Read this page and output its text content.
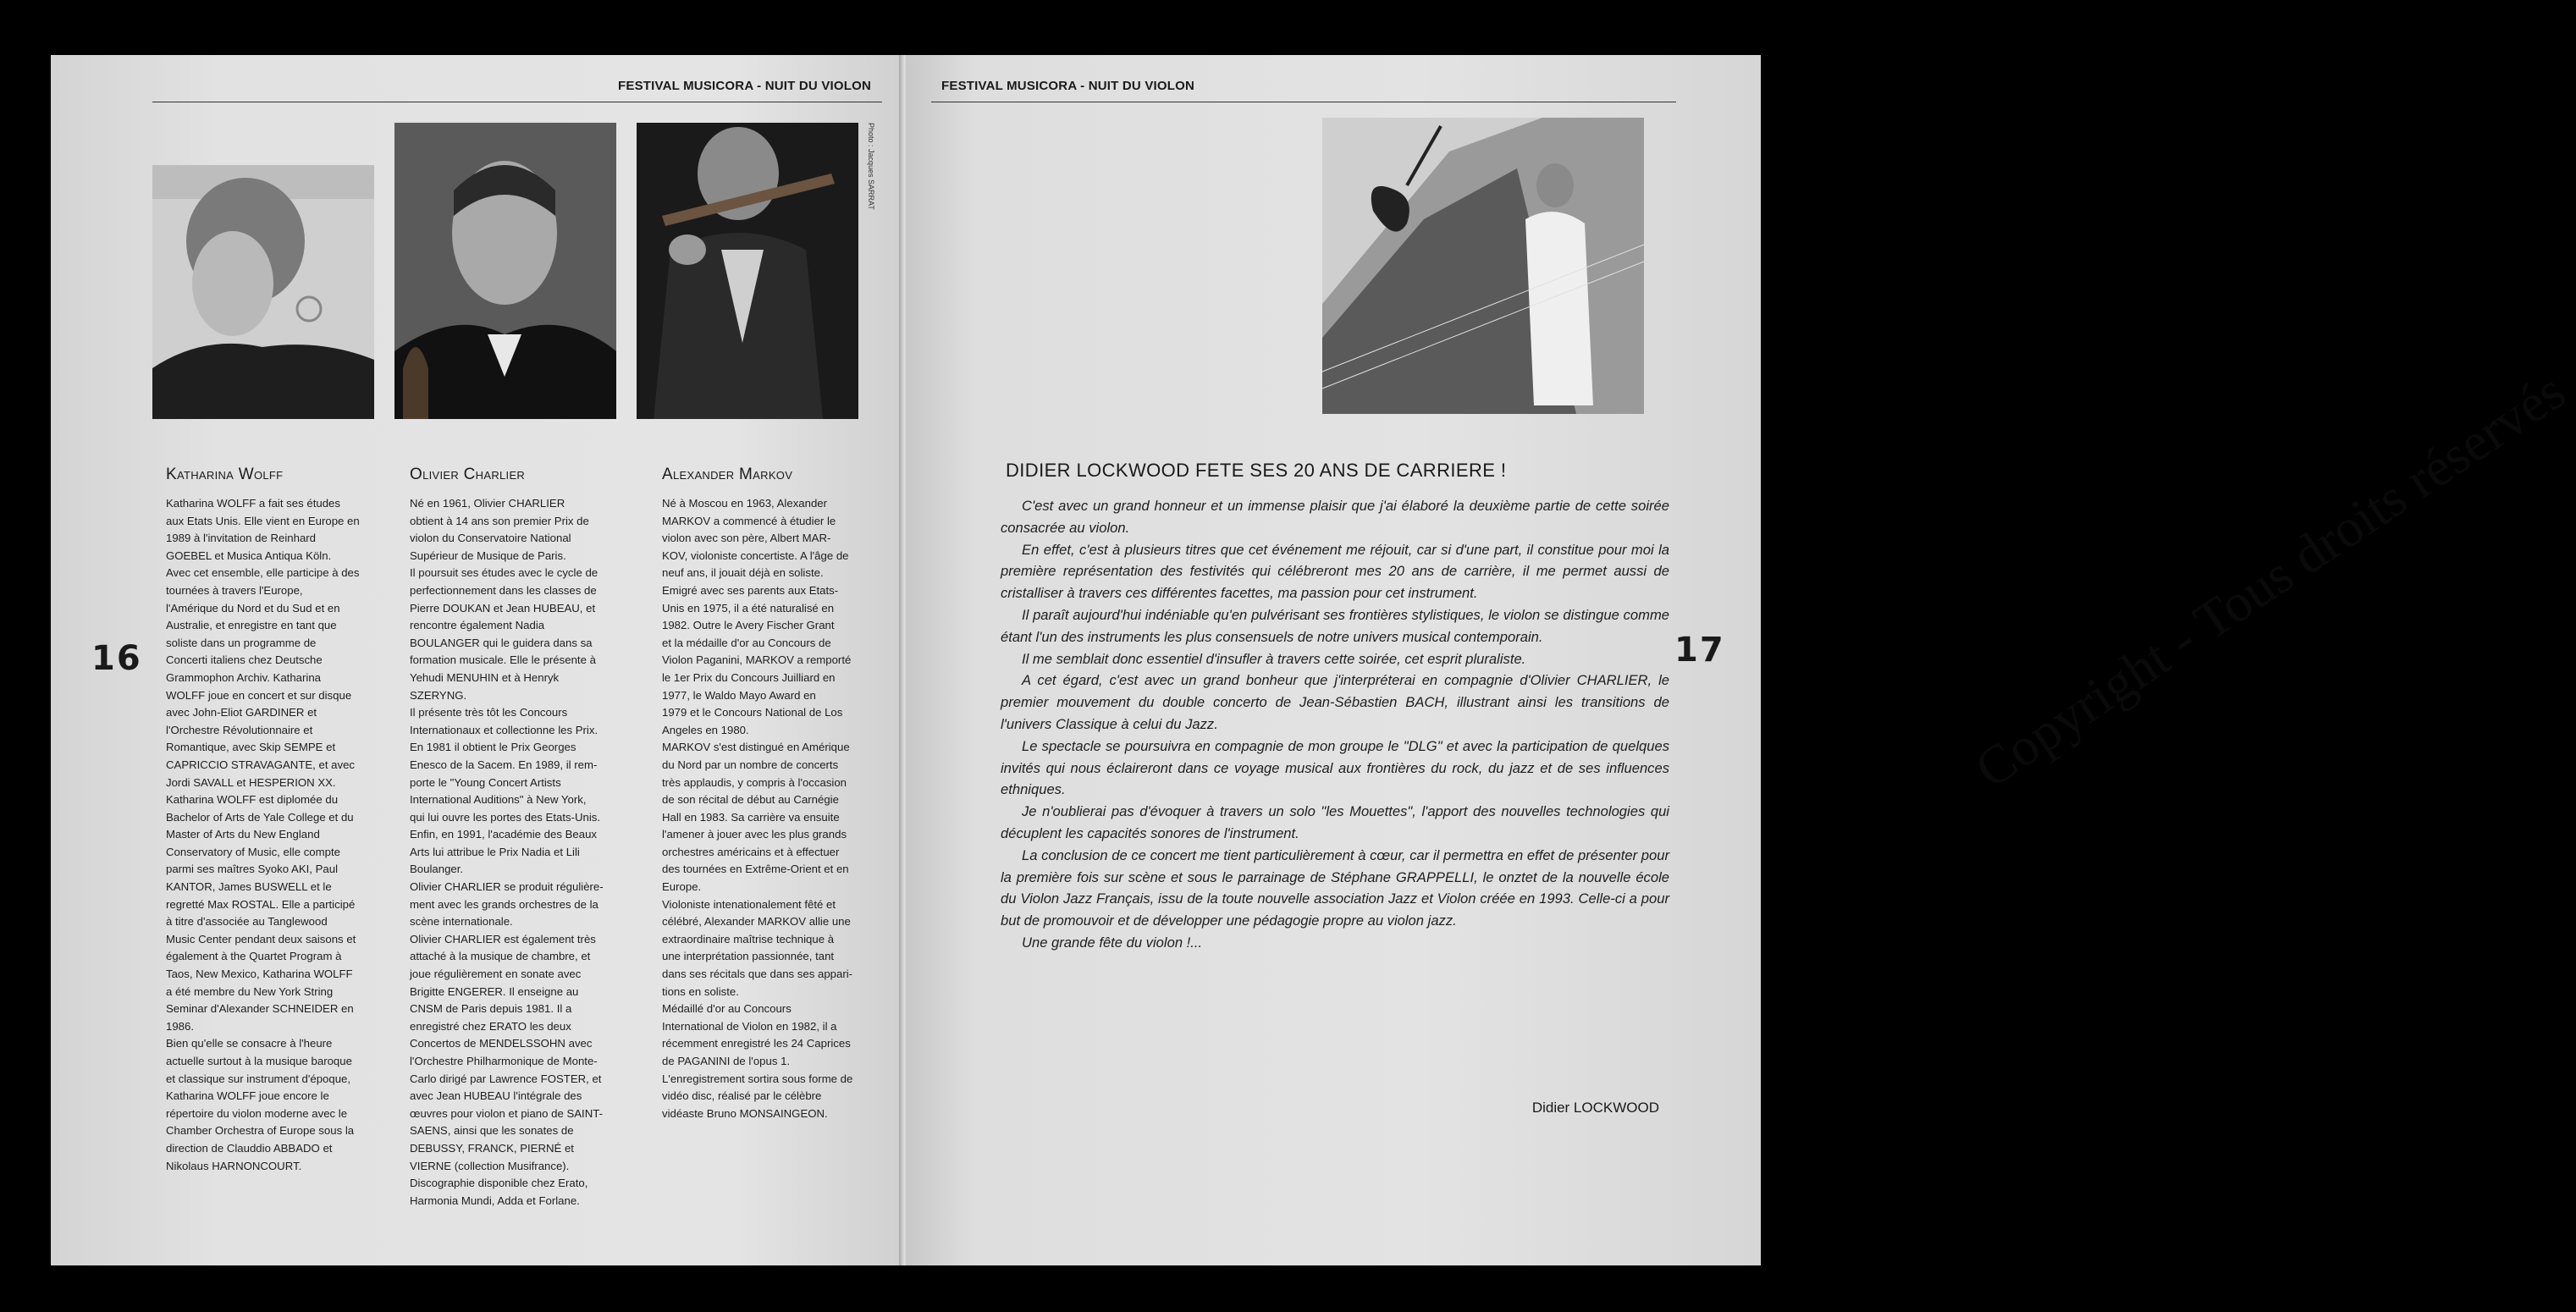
FESTIVAL MUSICORA - NUIT DU VIOLON
Photo : Jacques SARRAT
16
Katharina Wolff

Katharina WOLFF a fait ses études
aux Etats Unis. Elle vient en Europe en
1989 à l'invitation de Reinhard
GOEBEL et Musica Antiqua Köln.
Avec cet ensemble, elle participe à des
tournées à travers l'Europe,
l'Amérique du Nord et du Sud et en
Australie, et enregistre en tant que
soliste dans un programme de
Concerti italiens chez Deutsche
Grammophon Archiv. Katharina
WOLFF joue en concert et sur disque
avec John-Eliot GARDINER et
l'Orchestre Révolutionnaire et
Romantique, avec Skip SEMPE et
CAPRICCIO STRAVAGANTE, et avec
Jordi SAVALL et HESPERION XX.
Katharina WOLFF est diplomée du
Bachelor of Arts de Yale College et du
Master of Arts du New England
Conservatory of Music, elle compte
parmi ses maîtres Syoko AKI, Paul
KANTOR, James BUSWELL et le
regretté Max ROSTAL. Elle a participé
à titre d'associée au Tanglewood
Music Center pendant deux saisons et
également à the Quartet Program à
Taos, New Mexico, Katharina WOLFF
a été membre du New York String
Seminar d'Alexander SCHNEIDER en
1986.
Bien qu'elle se consacre à l'heure
actuelle surtout à la musique baroque
et classique sur instrument d'époque,
Katharina WOLFF joue encore le
répertoire du violon moderne avec le
Chamber Orchestra of Europe sous la
direction de Clauddio ABBADO et
Nikolaus HARNONCOURT.

Olivier Charlier

Né en 1961, Olivier CHARLIER
obtient à 14 ans son premier Prix de
violon du Conservatoire National
Supérieur de Musique de Paris.
Il poursuit ses études avec le cycle de
perfectionnement dans les classes de
Pierre DOUKAN et Jean HUBEAU, et
rencontre également Nadia
BOULANGER qui le guidera dans sa
formation musicale. Elle le présente à
Yehudi MENUHIN et à Henryk
SZERYNG.
Il présente très tôt les Concours
Internationaux et collectionne les Prix.
En 1981 il obtient le Prix Georges
Enesco de la Sacem. En 1989, il rem-
porte le "Young Concert Artists
International Auditions" à New York,
qui lui ouvre les portes des Etats-Unis.
Enfin, en 1991, l'académie des Beaux
Arts lui attribue le Prix Nadia et Lili
Boulanger.
Olivier CHARLIER se produit régulière-
ment avec les grands orchestres de la
scène internationale.
Olivier CHARLIER est également très
attaché à la musique de chambre, et
joue régulièrement en sonate avec
Brigitte ENGERER. Il enseigne au
CNSM de Paris depuis 1981. Il a
enregistré chez ERATO les deux
Concertos de MENDELSSOHN avec
l'Orchestre Philharmonique de Monte-
Carlo dirigé par Lawrence FOSTER, et
avec Jean HUBEAU l'intégrale des
œuvres pour violon et piano de SAINT-
SAENS, ainsi que les sonates de
DEBUSSY, FRANCK, PIERNÉ et
VIERNE (collection Musifrance).
Discographie disponible chez Erato,
Harmonia Mundi, Adda et Forlane.

Alexander Markov

Né à Moscou en 1963, Alexander
MARKOV a commencé à étudier le
violon avec son père, Albert MAR-
KOV, violoniste concertiste. A l'âge de
neuf ans, il jouait déjà en soliste.
Emigré avec ses parents aux Etats-
Unis en 1975, il a été naturalisé en
1982. Outre le Avery Fischer Grant
et la médaille d'or au Concours de
Violon Paganini, MARKOV a remporté
le 1er Prix du Concours Juilliard en
1977, le Waldo Mayo Award en
1979 et le Concours National de Los
Angeles en 1980.
MARKOV s'est distingué en Amérique
du Nord par un nombre de concerts
très applaudis, y compris à l'occasion
de son récital de début au Carnégie
Hall en 1983. Sa carrière va ensuite
l'amener à jouer avec les plus grands
orchestres américains et à effectuer
des tournées en Extrême-Orient et en
Europe.
Violoniste intenationalement fêté et
célébré, Alexander MARKOV allie une
extraordinaire maîtrise technique à
une interprétation passionnée, tant
dans ses récitals que dans ses appari-
tions en soliste.
Médaillé d'or au Concours
International de Violon en 1982, il a
récemment enregistré les 24 Caprices
de PAGANINI de l'opus 1.
L'enregistrement sortira sous forme de
vidéo disc, réalisé par le célèbre
vidéaste Bruno MONSAINGEON.

FESTIVAL MUSICORA - NUIT DU VIOLON
Copyright - Tous droits réservés
DIDIER LOCKWOOD FETE SES 20 ANS DE CARRIERE !

C'est avec un grand honneur et un immense plaisir que j'ai élaboré la deuxième partie de cette soirée consacrée au violon.

En effet, c'est à plusieurs titres que cet événement me réjouit, car si d'une part, il constitue pour moi la première représentation des festivités qui célébreront mes 20 ans de carrière, il me permet aussi de cristalliser à travers ces différentes facettes, ma passion pour cet instrument.

Il paraît aujourd'hui indéniable qu'en pulvérisant ses frontières stylistiques, le violon se distingue comme étant l'un des instruments les plus consensuels de notre univers musical contemporain.

Il me semblait donc essentiel d'insufler à travers cette soirée, cet esprit pluraliste.

A cet égard, c'est avec un grand bonheur que j'interpréterai en compagnie d'Olivier CHARLIER, le premier mouvement du double concerto de Jean-Sébastien BACH, illustrant ainsi les transitions de l'univers Classique à celui du Jazz.

Le spectacle se poursuivra en compagnie de mon groupe le "DLG" et avec la participation de quelques invités qui nous éclaireront dans ce voyage musical aux frontières du rock, du jazz et de ses influences ethniques.

Je n'oublierai pas d'évoquer à travers un solo "les Mouettes", l'apport des nouvelles technologies qui décuplent les capacités sonores de l'instrument.

La conclusion de ce concert me tient particulièrement à cœur, car il permettra en effet de présenter pour la première fois sur scène et sous le parrainage de Stéphane GRAPPELLI, le onztet de la nouvelle école du Violon Jazz Français, issu de la toute nouvelle association Jazz et Violon créée en 1993. Celle-ci a pour but de promouvoir et de développer une pédagogie propre au violon jazz.

Une grande fête du violon !...

Didier LOCKWOOD
17
